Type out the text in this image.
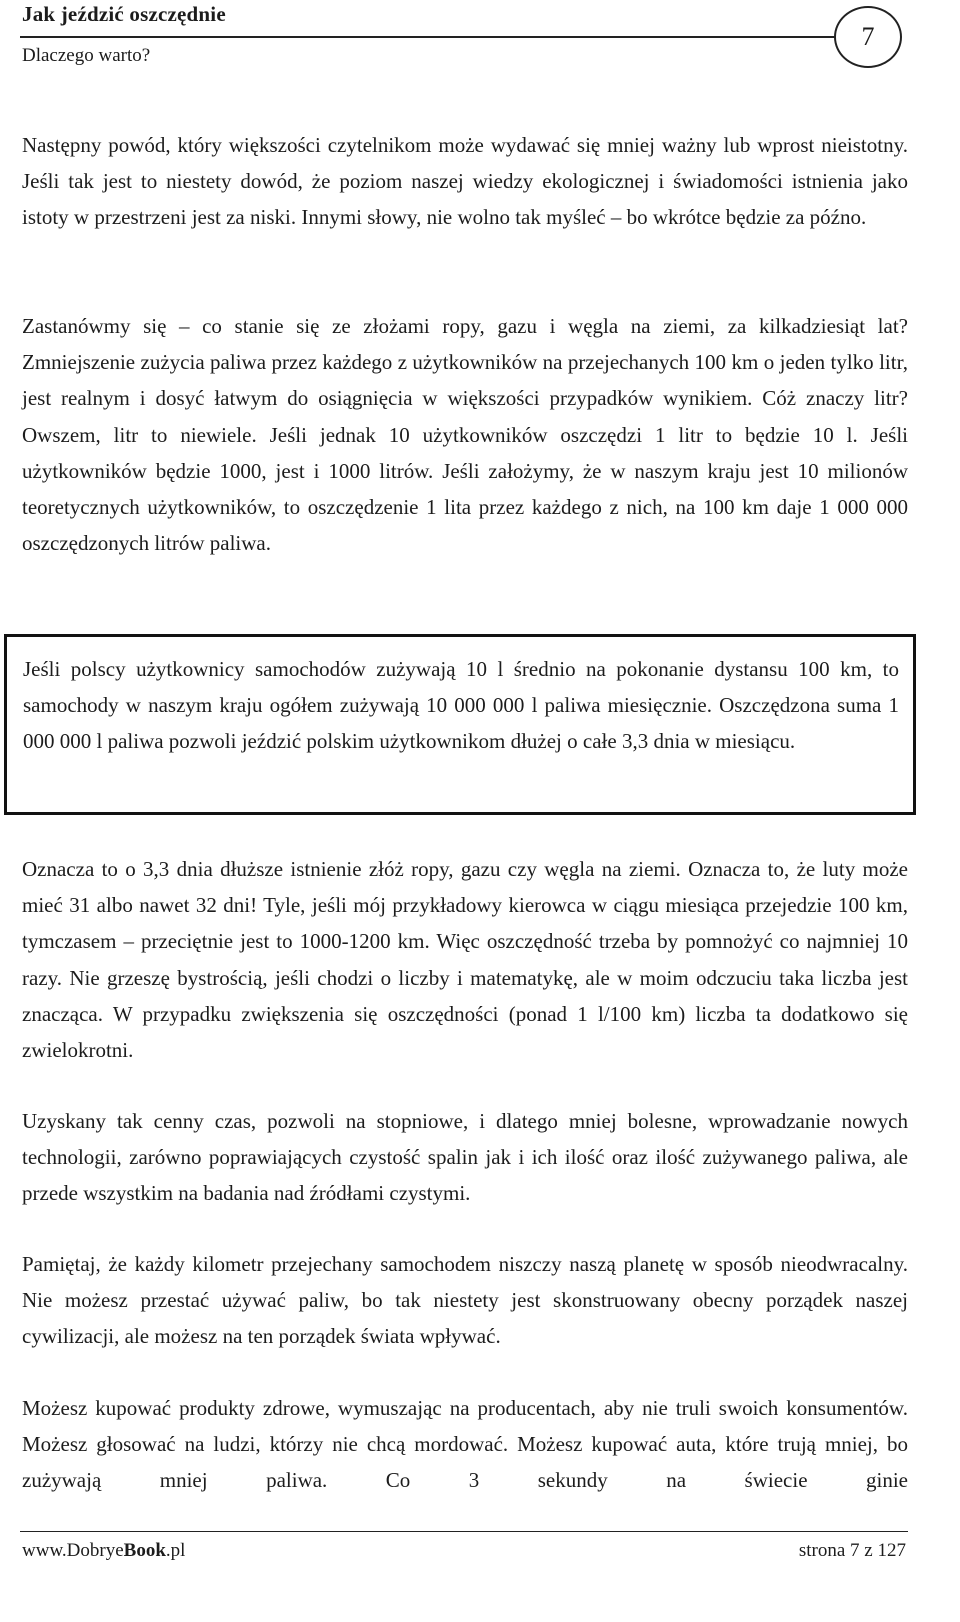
Jak jeździć oszczędnie
Dlaczego warto?
7

Następny powód, który większości czytelnikom może wydawać się mniej ważny lub wprost nieistotny. Jeśli tak jest to niestety dowód, że poziom naszej wiedzy ekologicznej i świadomości istnienia jako istoty w przestrzeni jest za niski. Innymi słowy, nie wolno tak myśleć – bo wkrótce będzie za późno.

Zastanówmy się – co stanie się ze złożami ropy, gazu i węgla na ziemi, za kilkadziesiąt lat? Zmniejszenie zużycia paliwa przez każdego z użytkowników na przejechanych 100 km o jeden tylko litr, jest realnym i dosyć łatwym do osiągnięcia w większości przypadków wynikiem. Cóż znaczy litr? Owszem, litr to niewiele. Jeśli jednak 10 użytkowników oszczędzi 1 litr to będzie 10 l. Jeśli użytkowników będzie 1000, jest i 1000 litrów. Jeśli założymy, że w naszym kraju jest 10 milionów teoretycznych użytkowników, to oszczędzenie 1 lita przez każdego z nich, na 100 km daje 1 000 000 oszczędzonych litrów paliwa.

Jeśli polscy użytkownicy samochodów zużywają 10 l średnio na pokonanie dystansu 100 km, to samochody w naszym kraju ogółem zużywają 10 000 000 l paliwa miesięcznie. Oszczędzona suma 1 000 000 l paliwa pozwoli jeździć polskim użytkownikom dłużej o całe 3,3 dnia w miesiącu.

Oznacza to o 3,3 dnia dłuższe istnienie złóż ropy, gazu czy węgla na ziemi. Oznacza to, że luty może mieć 31 albo nawet 32 dni! Tyle, jeśli mój przykładowy kierowca w ciągu miesiąca przejedzie 100 km, tymczasem – przeciętnie jest to 1000-1200 km. Więc oszczędność trzeba by pomnożyć co najmniej 10 razy. Nie grzeszę bystrością, jeśli chodzi o liczby i matematykę, ale w moim odczuciu taka liczba jest znacząca. W przypadku zwiększenia się oszczędności (ponad 1 l/100 km) liczba ta dodatkowo się zwielokrotni.

Uzyskany tak cenny czas, pozwoli na stopniowe, i dlatego mniej bolesne, wprowadzanie nowych technologii, zarówno poprawiających czystość spalin jak i ich ilość oraz ilość zużywanego paliwa, ale przede wszystkim na badania nad źródłami czystymi.

Pamiętaj, że każdy kilometr przejechany samochodem niszczy naszą planetę w sposób nieodwracalny. Nie możesz przestać używać paliw, bo tak niestety jest skonstruowany obecny porządek naszej cywilizacji, ale możesz na ten porządek świata wpływać.

Możesz kupować produkty zdrowe, wymuszając na producentach, aby nie truli swoich konsumentów. Możesz głosować na ludzi, którzy nie chcą mordować. Możesz kupować auta, które trują mniej, bo zużywają mniej paliwa. Co 3 sekundy na świecie ginie

www.DobryeBook.pl	strona 7 z 127
